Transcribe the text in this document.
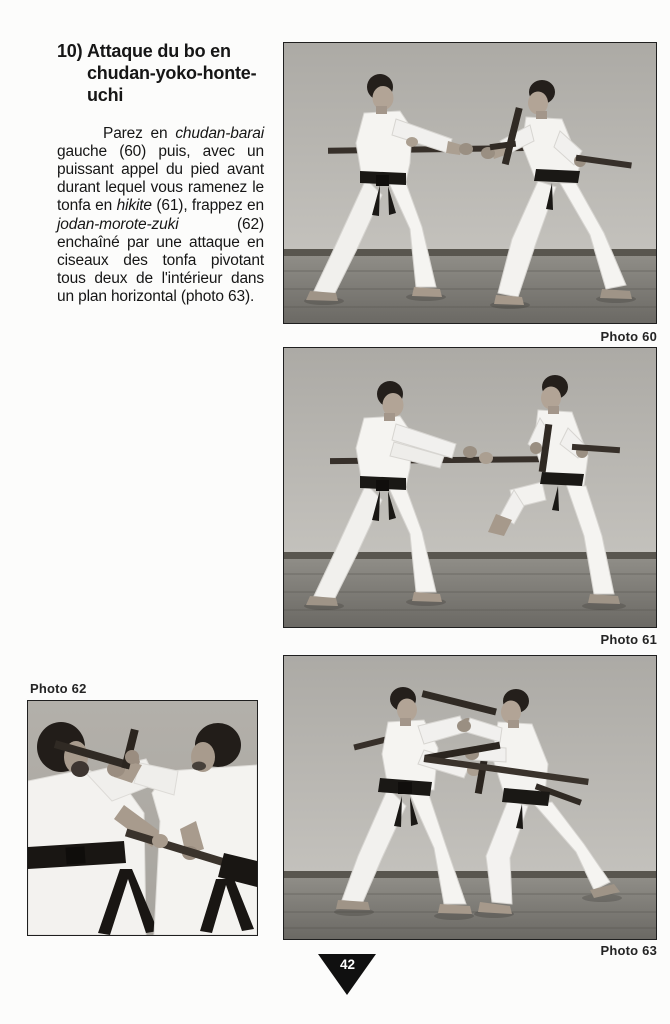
10) Attaque du bo en
chudan-yoko-honte-
uchi

Parez en chudan-barai gauche (60) puis, avec un puissant appel du pied avant durant lequel vous ramenez le tonfa en hikite (61), frappez en jodan-morote-zuki (62) enchaîné par une attaque en ciseaux des tonfa pivotant tous deux de l'intérieur dans un plan horizontal (photo 63).

Photo 60
Photo 61
Photo 62
Photo 63
42
